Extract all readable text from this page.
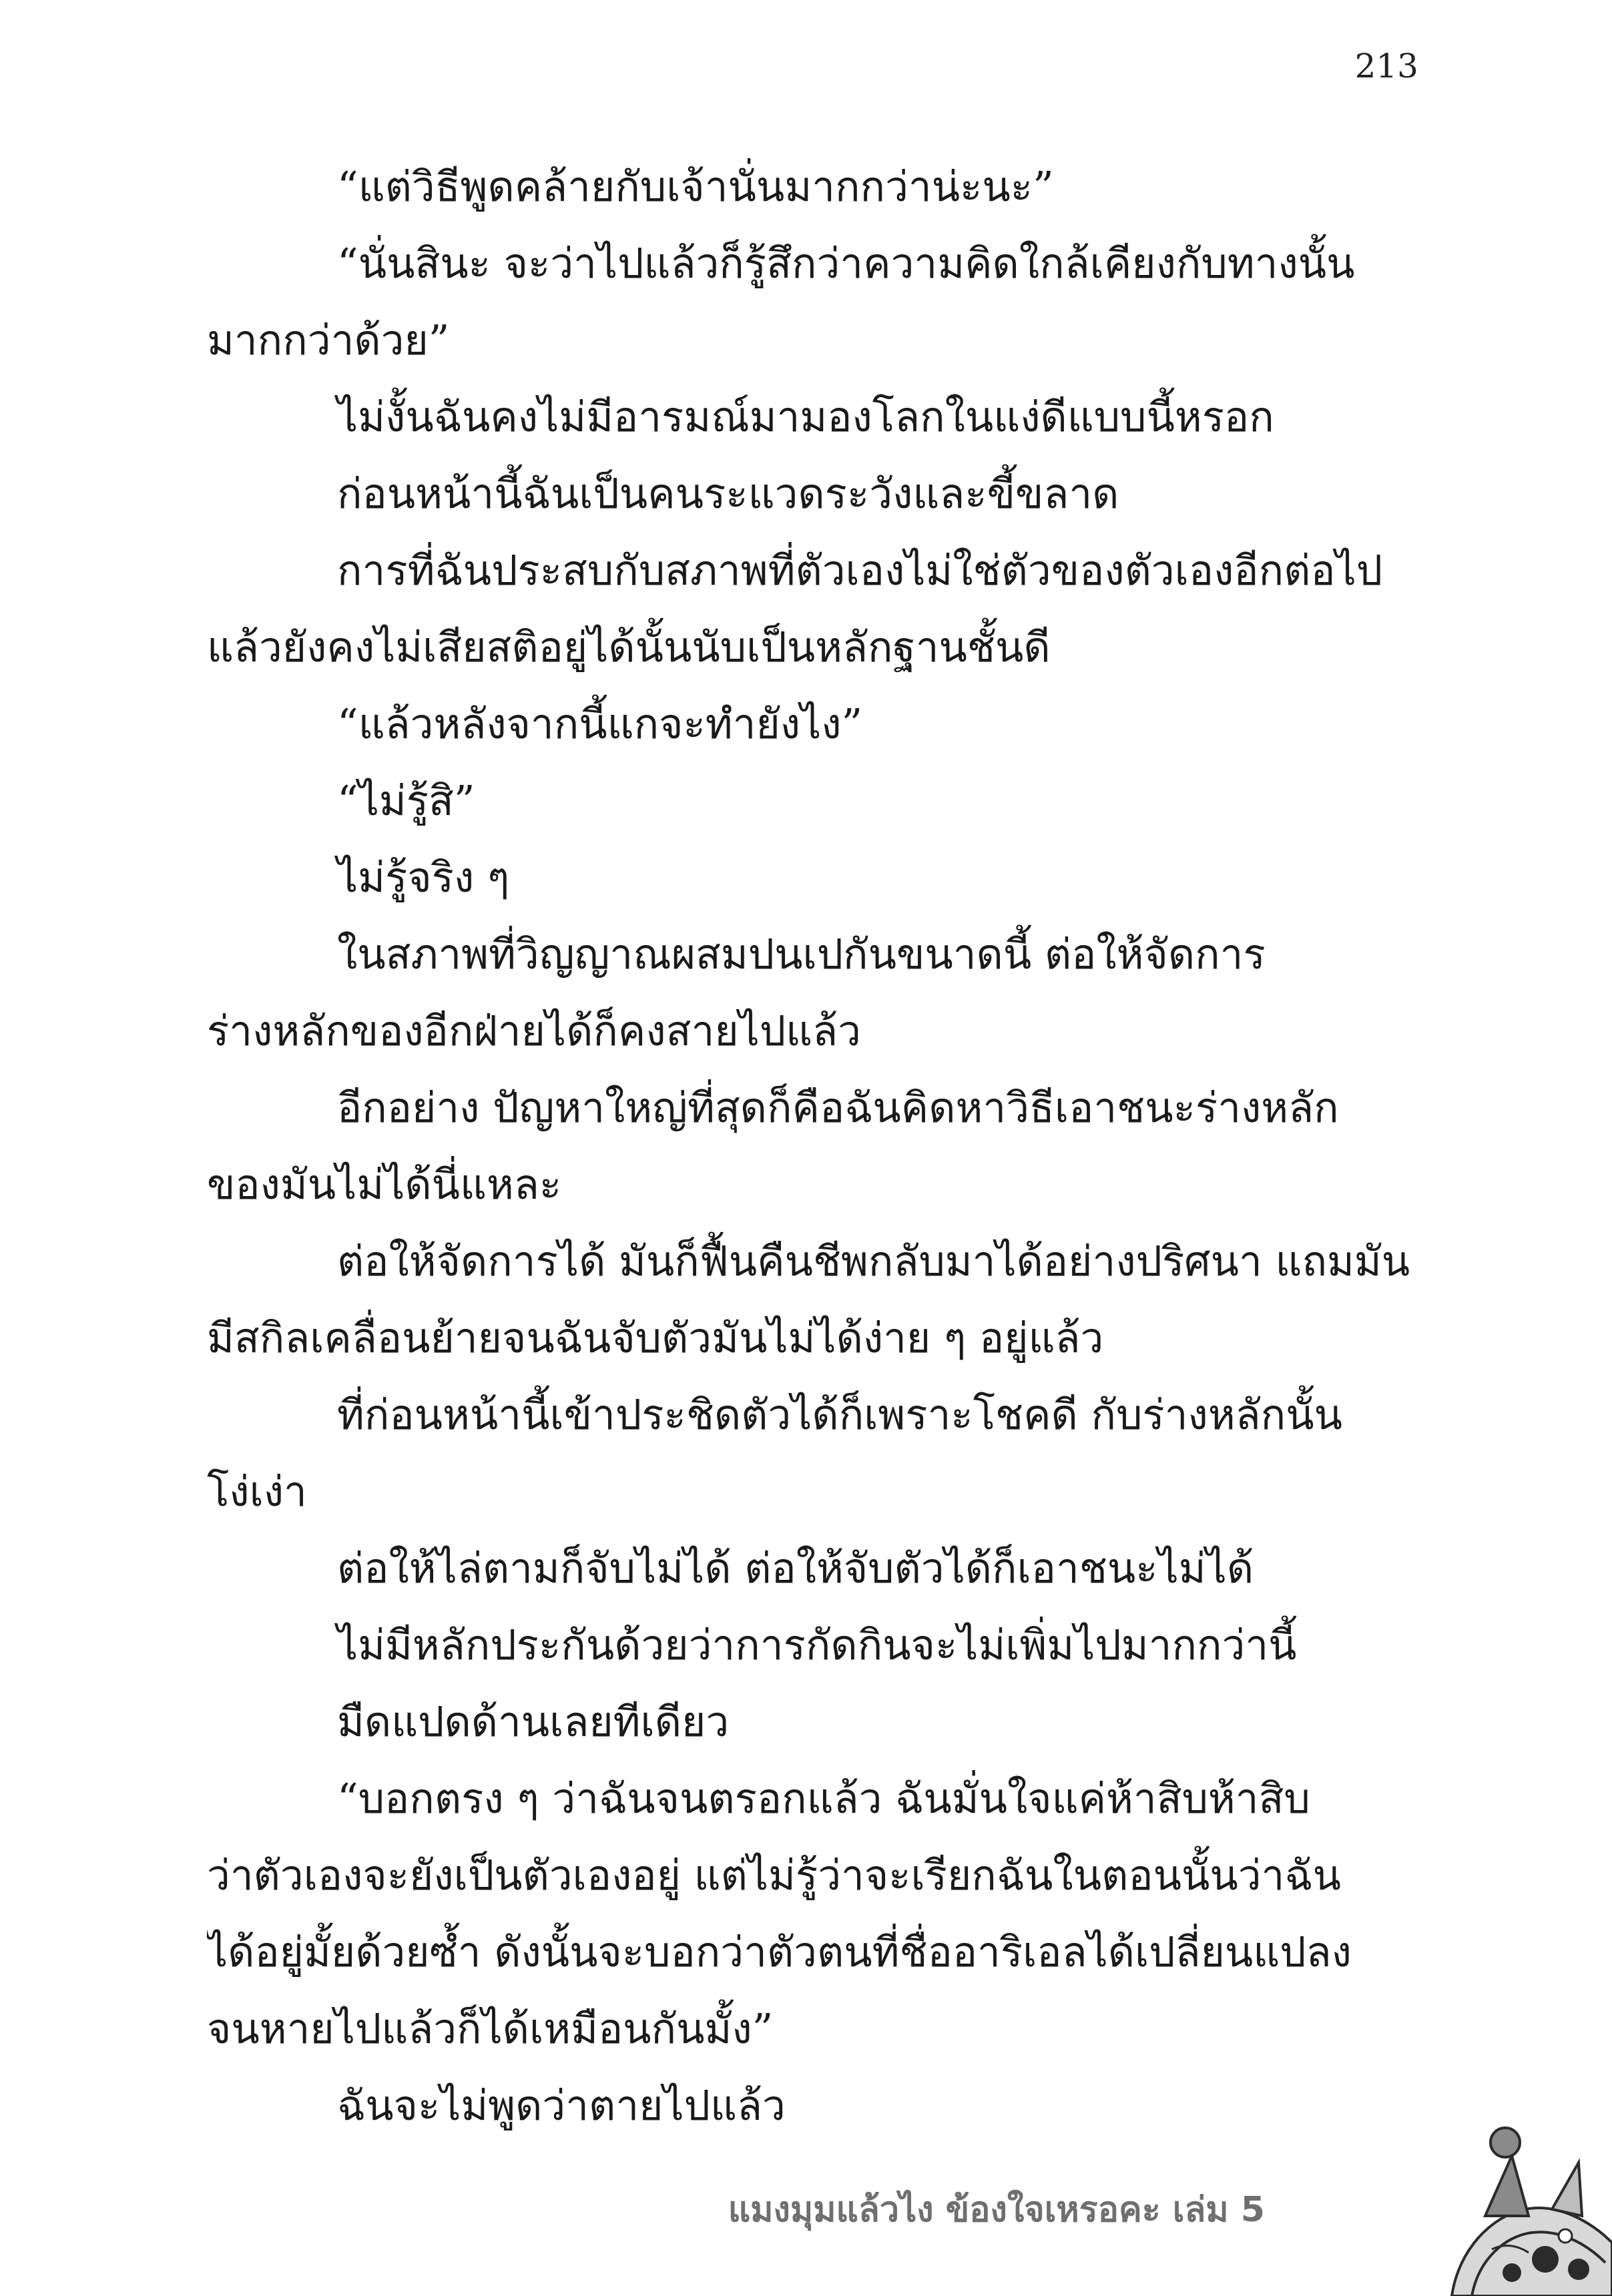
213
“แต่วิธีพูดคล้ายกับเจ้านั่นมากกว่าน่ะนะ”
“นั่นสินะ จะว่าไปแล้วก็รู้สึกว่าความคิดใกล้เคียงกับทางนั้น
มากกว่าด้วย”
ไม่งั้นฉันคงไม่มีอารมณ์มามองโลกในแง่ดีแบบนี้หรอก
ก่อนหน้านี้ฉันเป็นคนระแวดระวังและขี้ขลาด
การที่ฉันประสบกับสภาพที่ตัวเองไม่ใช่ตัวของตัวเองอีกต่อไป
แล้วยังคงไม่เสียสติอยู่ได้นั้นนับเป็นหลักฐานชั้นดี
“แล้วหลังจากนี้แกจะทำยังไง”
“ไม่รู้สิ”
ไม่รู้จริง ๆ
ในสภาพที่วิญญาณผสมปนเปกันขนาดนี้ ต่อให้จัดการ
ร่างหลักของอีกฝ่ายได้ก็คงสายไปแล้ว
อีกอย่าง ปัญหาใหญ่ที่สุดก็คือฉันคิดหาวิธีเอาชนะร่างหลัก
ของมันไม่ได้นี่แหละ
ต่อให้จัดการได้ มันก็ฟื้นคืนชีพกลับมาได้อย่างปริศนา แถมมัน
มีสกิลเคลื่อนย้ายจนฉันจับตัวมันไม่ได้ง่าย ๆ อยู่แล้ว
ที่ก่อนหน้านี้เข้าประชิดตัวได้ก็เพราะโชคดี กับร่างหลักนั้น
โง่เง่า
ต่อให้ไล่ตามก็จับไม่ได้ ต่อให้จับตัวได้ก็เอาชนะไม่ได้
ไม่มีหลักประกันด้วยว่าการกัดกินจะไม่เพิ่มไปมากกว่านี้
มืดแปดด้านเลยทีเดียว
“บอกตรง ๆ ว่าฉันจนตรอกแล้ว ฉันมั่นใจแค่ห้าสิบห้าสิบ
ว่าตัวเองจะยังเป็นตัวเองอยู่ แต่ไม่รู้ว่าจะเรียกฉันในตอนนั้นว่าฉัน
ได้อยู่มั้ยด้วยซ้ำ ดังนั้นจะบอกว่าตัวตนที่ชื่ออาริเอลได้เปลี่ยนแปลง
จนหายไปแล้วก็ได้เหมือนกันมั้ง”
ฉันจะไม่พูดว่าตายไปแล้ว
แมงมุมแล้วไง ข้องใจเหรอคะ เล่ม 5
